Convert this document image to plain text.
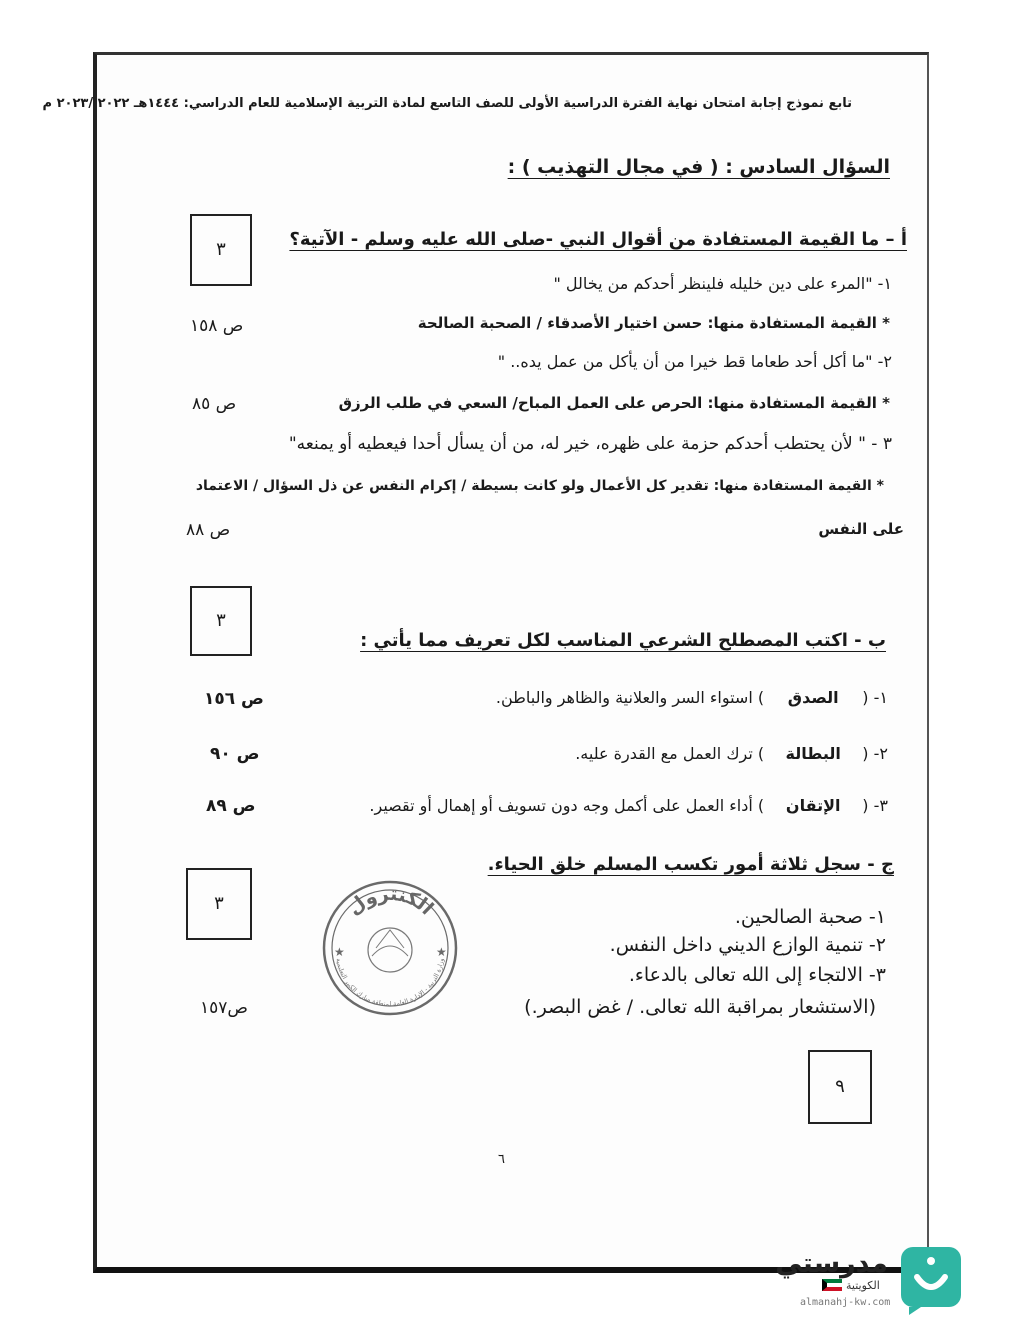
تابع نموذج إجابة امتحان نهاية الفترة الدراسية الأولى للصف التاسع لمادة التربية الإسلامية للعام الدراسي: ١٤٤٤هـ ٢٠٢٢ /٢٠٢٣ م
السؤال السادس : ( في مجال التهذيب ) :
٣	أ – ما القيمة المستفادة من أقوال النبي -صلى الله عليه وسلم - الآتية؟
١- "المرء على دين خليله فلينظر أحدكم من يخالل "
* القيمة المستفادة منها: حسن اختيار الأصدقاء / الصحبة الصالحة
ص ١٥٨
٢- "ما أكل أحد طعاما قط خيرا من أن يأكل من عمل يده.. "
* القيمة المستفادة منها: الحرص على العمل المباح/ السعي في طلب الرزق
ص ٨٥
٣ - " لأن يحتطب أحدكم حزمة على ظهره، خير له، من أن يسأل أحدا فيعطيه أو يمنعه"
* القيمة المستفادة منها: تقدير كل الأعمال ولو كانت بسيطة / إكرام النفس عن ذل السؤال / الاعتماد
على النفس
ص ٨٨
٣
ب - اكتب المصطلح الشرعي المناسب لكل تعريف مما يأتي :
١- ( الصدق ) استواء السر والعلانية والظاهر والباطن.
ص ١٥٦
٢- ( البطالة ) ترك العمل مع القدرة عليه.
ص ٩٠
٣- ( الإتقان ) أداء العمل على أكمل وجه دون تسويف أو إهمال أو تقصير.
ص ٨٩
٣
ج - سجل ثلاثة أمور تكسب المسلم خلق الحياء.
١- صحبة الصالحين.
٢- تنمية الوازع الديني داخل النفس.
٣- الالتجاء إلى الله تعالى بالدعاء.
(الاستشعار بمراقبة الله تعالى. / غض البصر.)
ص١٥٧
★	★
الكنترول
وزارة التربية - الإدارة العامة لمنطقة مبارك الكبير التعليمية
٩
٦
مدرستي
الكويتية
almanahj-kw.com
